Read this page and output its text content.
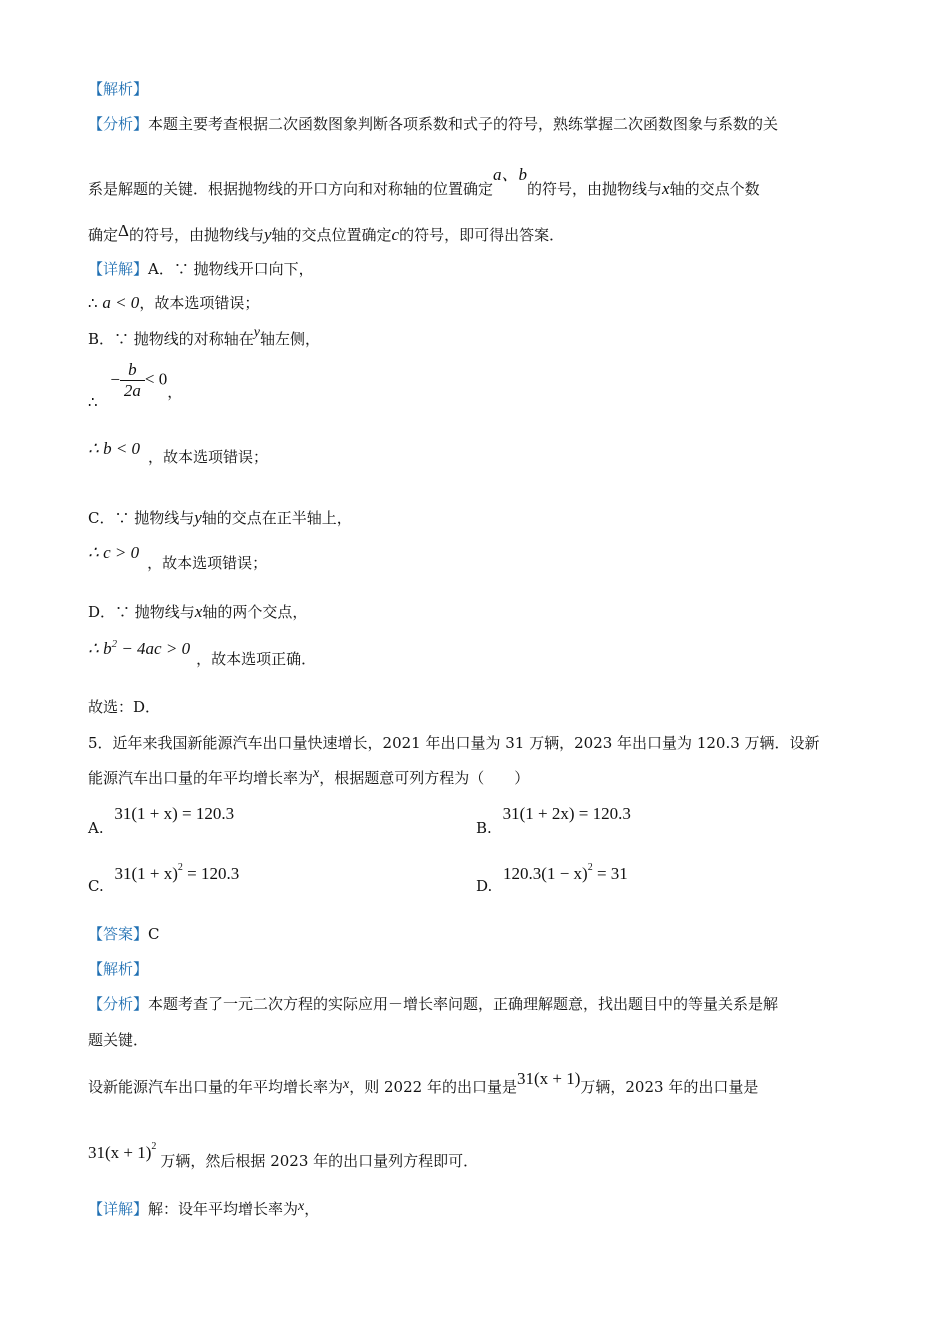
【解析】
【分析】本题主要考查根据二次函数图象判断各项系数和式子的符号，熟练掌握二次函数图象与系数的关
系是解题的关键．根据抛物线的开口方向和对称轴的位置确定a、b的符号，由抛物线与x轴的交点个数
确定Δ的符号，由抛物线与y轴的交点位置确定c的符号，即可得出答案．
【详解】A．∵ 抛物线开口向下，
∴ a < 0，故本选项错误；
B．∵ 抛物线的对称轴在y轴左侧，
∴ − $\frac{b}{2a} < 0$，
∴ b < 0 ，故本选项错误；
C．∵ 抛物线与y轴的交点在正半轴上，
∴ c > 0，故本选项错误；
D．∵ 抛物线与x轴的两个交点，
∴ $b^2 - 4ac > 0$，故本选项正确．
故选：D．
5．近年来我国新能源汽车出口量快速增长，2021 年出口量为 31 万辆，2023 年出口量为 120.3 万辆．设新
能源汽车出口量的年平均增长率为x，根据题意可列方程为（　　）
A. 31(1 + x) = 120.3
B. 31(1 + 2x) = 120.3
C. $31(1 + x)^2 = 120.3$
D. $120.3(1 - x)^2 = 31$
【答案】C
【解析】
【分析】本题考查了一元二次方程的实际应用－增长率问题，正确理解题意，找出题目中的等量关系是解
题关键．
设新能源汽车出口量的年平均增长率为x，则 2022 年的出口量是31(x + 1)万辆，2023 年的出口量是
$31(x + 1)^2$万辆，然后根据 2023 年的出口量列方程即可．
【详解】解：设年平均增长率为x，
